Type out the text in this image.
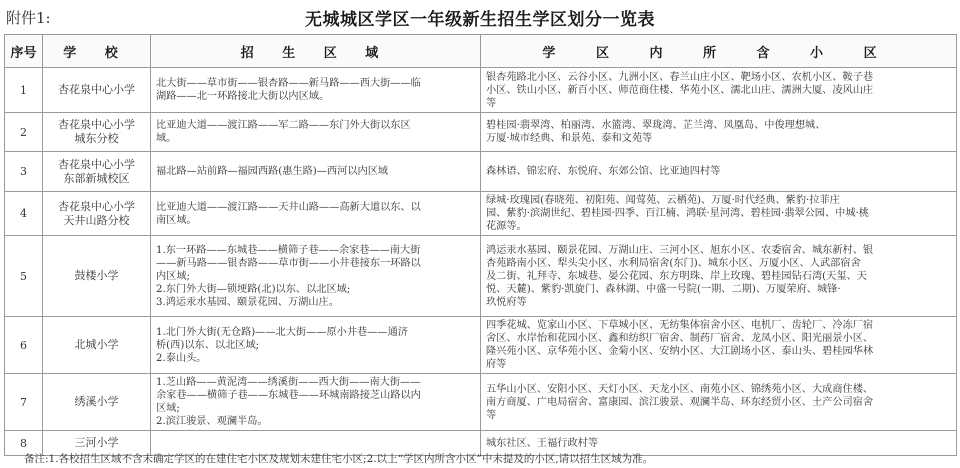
附件1:	无城城区学区一年级新生招生学区划分一览表
序号	学 校	招 生 区 域	学 区 内 所 含 小 区
1	杏花泉中心小学	北大街——草市街——银杏路——新马路——西大街——临
湖路——北一环路接北大街以内区域。	银杏苑路北小区、云谷小区、九洲小区、春兰山庄小区、靶场小区、农机小区、鞍子巷
小区、铁山小区、新百小区、师范商住楼、华苑小区、濡北山庄、濡洲大厦、凌风山庄
等

2	杏花泉中心小学
城东分校	比亚迪大道——渡江路——军二路——东门外大街以东区
域。	碧桂园·翡翠湾、柏丽湾、水篮湾、翠珑湾、芷兰湾、凤凰岛、中俊理想城、
万厦·城市经典、和景苑、泰和文苑等

3	杏花泉中心小学
东部新城校区	福北路—站前路—福园西路(惠生路)—西河以内区域	森林语、锦宏府、东悦府、东郊公馆、比亚迪四村等

4	杏花泉中心小学
天井山路分校	比亚迪大道——渡江路——天井山路——高新大道以东、以
南区域。	绿城·玫瑰园(春晓苑、初阳苑、闻莺苑、云栖苑)、万厦·时代经典、紫豹·拉菲庄
园、紫豹·滨湖世纪、碧桂园·四季、百江楠、鸿联·星河湾、碧桂园·翡翠公园、中城·桃
花源等。

5	鼓楼小学	1.东一环路——东城巷——横筛子巷——余家巷——南大街
——新马路——银杏路——草市街——小井巷接东一环路以
内区域;
2.东门外大街—锁埂路(北)以东、以北区域;
3.鸿运汞水基园、颐景花园、万湖山庄。	鸿运汞水基园、颐景花园、万湖山庄、三河小区、旭东小区、农委宿舍、城东新村、银
杏苑路南小区、犁头尖小区、水利局宿舍(东门)、城东小区、万厦小区、人武部宿舍
及二街、礼拜寺、东城巷、晏公花园、东方明珠、岸上玫瑰、碧桂园钻石湾(天玺、天
悦、天麓)、紫豹·凯旋门、森林湖、中盛一号院(一期、二期)、万厦荣府、城锋·
玖悦府等

6	北城小学	1.北门外大街(无仓路)——北大街——原小井巷——通济
桥(西)以东、以北区域;
2.泰山头。	四季花城、览家山小区、下草城小区、无纺集体宿舍小区、电机厂、齿轮厂、冷冻厂宿
舍区、水岸怡和花园小区、鑫和纺织厂宿舍、制药厂宿舍、龙凤小区、阳光丽景小区、
隆兴苑小区、京华苑小区、金菊小区、安纳小区、大江剧场小区、泰山头、碧桂园华林
府等

7	绣溪小学	1.芝山路——黄泥湾——绣溪街——西大街——南大街——
余家巷——横筛子巷——东城巷——环城南路接芝山路以内
区域;
2.滨江骏景、观澜半岛。	五华山小区、安阳小区、天灯小区、天龙小区、南苑小区、锦绣苑小区、大成商住楼、
南方商厦、广电局宿舍、富康园、滨江骏景、观澜半岛、环东经贸小区、土产公司宿舍
等

8	三河小学		城东社区、王福行政村等
备注:1.各校招生区域不含未确定学区的在建住宅小区及规划未建住宅小区;2.以上“学区内所含小区”中未提及的小区,请以招生区域为准。
